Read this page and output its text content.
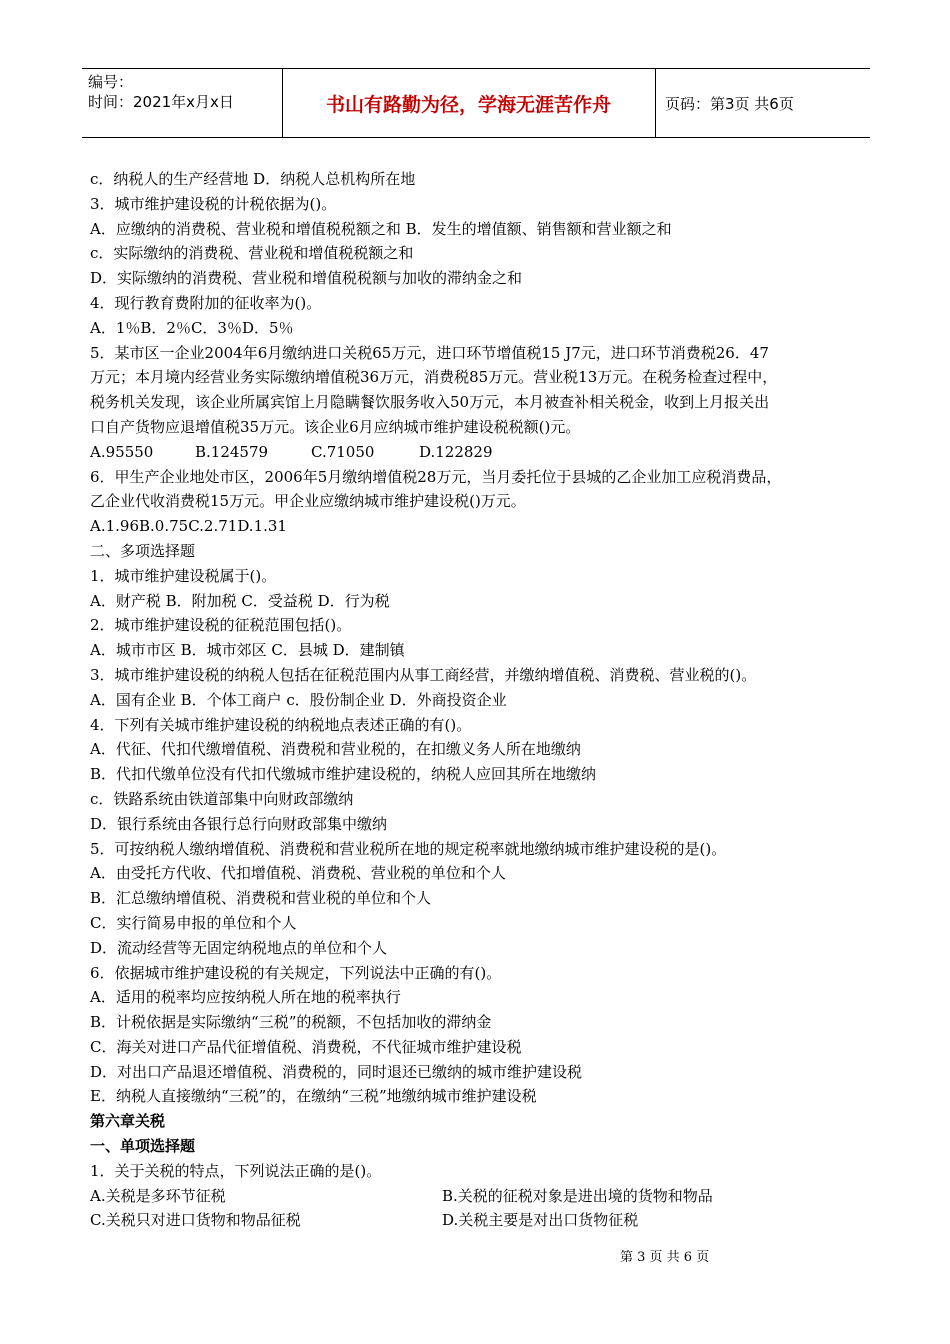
编号：
时间：2021年x月x日	书山有路勤为径，学海无涯苦作舟	页码：第3页 共6页
c．纳税人的生产经营地 D．纳税人总机构所在地
3．城市维护建设税的计税依据为()。
A．应缴纳的消费税、营业税和增值税税额之和 B．发生的增值额、销售额和营业额之和
c．实际缴纳的消费税、营业税和增值税税额之和
D．实际缴纳的消费税、营业税和增值税税额与加收的滞纳金之和
4．现行教育费附加的征收率为()。
A．1％B．2％C．3％D．5％
5．某市区一企业2004年6月缴纳进口关税65万元，进口环节增值税15 J7元，进口环节消费税26．47
万元；本月境内经营业务实际缴纳增值税36万元，消费税85万元。营业税13万元。在税务检查过程中，
税务机关发现，该企业所属宾馆上月隐瞒餐饮服务收入50万元，本月被查补相关税金，收到上月报关出
口自产货物应退增值税35万元。该企业6月应纳城市维护建设税税额()元。
A.95550	B.124579	C.71050	D.122829
6．甲生产企业地处市区，2006年5月缴纳增值税28万元，当月委托位于县城的乙企业加工应税消费品，
乙企业代收消费税15万元。甲企业应缴纳城市维护建设税()万元。
A.1.96B.0.75C.2.71D.1.31
二、多项选择题
1．城市维护建设税属于()。
A．财产税 B．附加税 C．受益税 D．行为税
2．城市维护建设税的征税范围包括()。
A．城市市区 B．城市郊区 C．县城 D．建制镇
3．城市维护建设税的纳税人包括在征税范围内从事工商经营，并缴纳增值税、消费税、营业税的()。
A．国有企业 B．个体工商户 c．股份制企业 D．外商投资企业
4．下列有关城市维护建设税的纳税地点表述正确的有()。
A．代征、代扣代缴增值税、消费税和营业税的，在扣缴义务人所在地缴纳
B．代扣代缴单位没有代扣代缴城市维护建设税的，纳税人应回其所在地缴纳
c．铁路系统由铁道部集中向财政部缴纳
D．银行系统由各银行总行向财政部集中缴纳
5．可按纳税人缴纳增值税、消费税和营业税所在地的规定税率就地缴纳城市维护建设税的是()。
A．由受托方代收、代扣增值税、消费税、营业税的单位和个人
B．汇总缴纳增值税、消费税和营业税的单位和个人
C．实行简易申报的单位和个人
D．流动经营等无固定纳税地点的单位和个人
6．依据城市维护建设税的有关规定，下列说法中正确的有()。
A．适用的税率均应按纳税人所在地的税率执行
B．计税依据是实际缴纳“三税”的税额，不包括加收的滞纳金
C．海关对进口产品代征增值税、消费税，不代征城市维护建设税
D．对出口产品退还增值税、消费税的，同时退还已缴纳的城市维护建设税
E．纳税人直接缴纳“三税”的，在缴纳“三税”地缴纳城市维护建设税
第六章关税
一、单项选择题
1．关于关税的特点，下列说法正确的是()。
A.关税是多环节征税	B.关税的征税对象是进出境的货物和物品
C.关税只对进口货物和物品征税	D.关税主要是对出口货物征税
第 3 页 共 6 页
